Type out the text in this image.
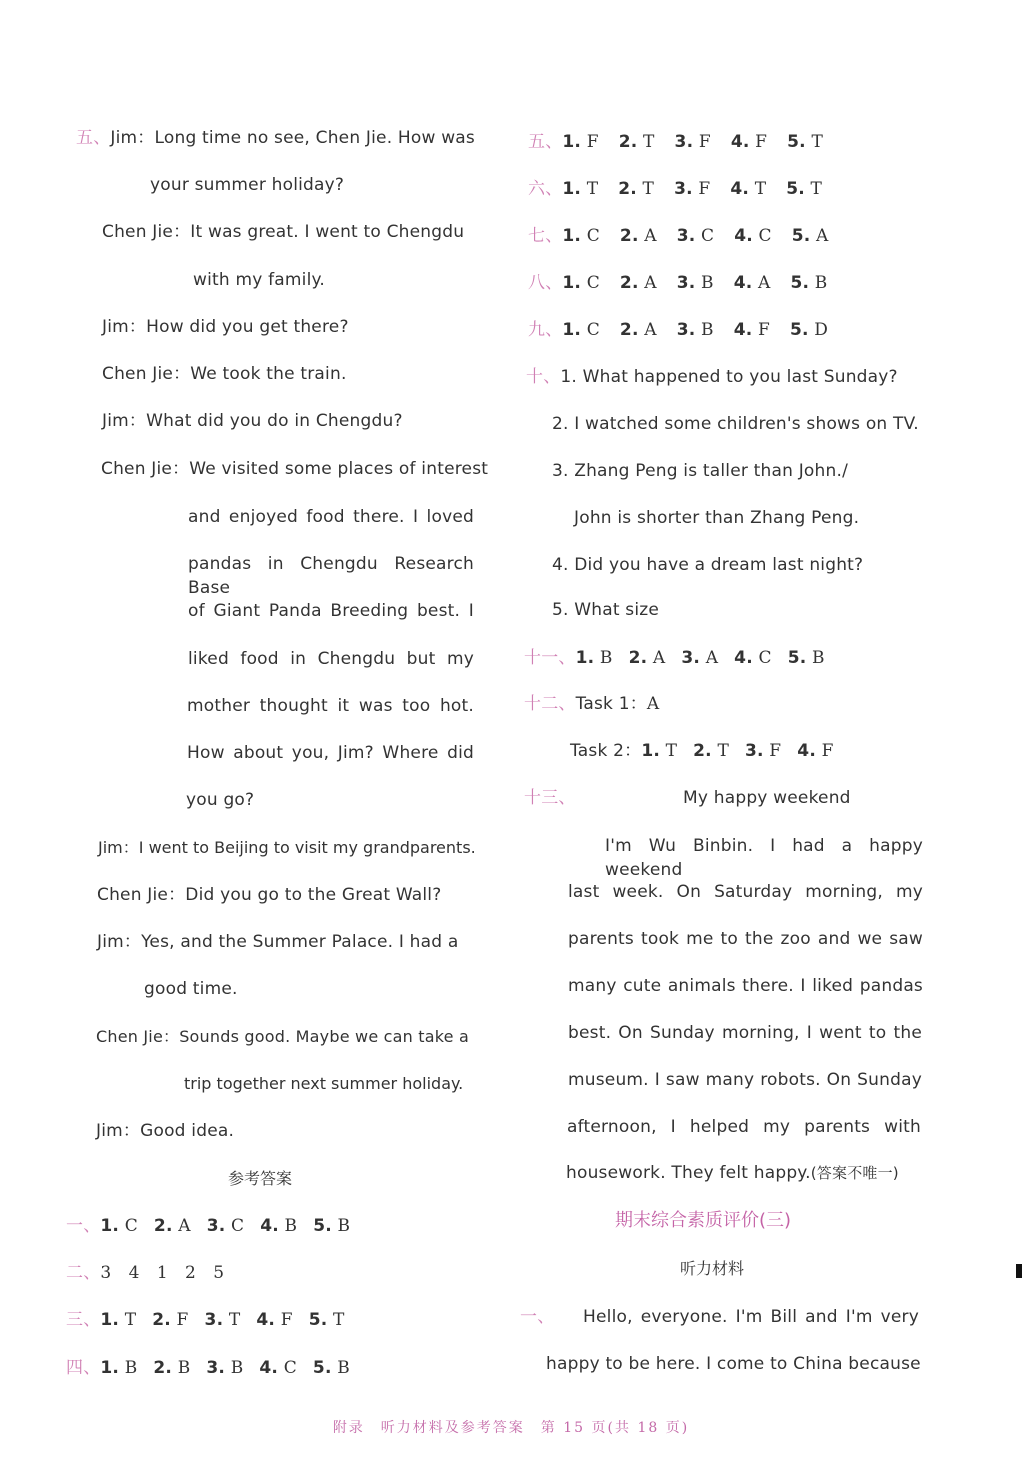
五、Jim：Long time no see, Chen Jie. How was
your summer holiday?
Chen Jie：It was great. I went to Chengdu
with my family.
Jim：How did you get there?
Chen Jie：We took the train.
Jim：What did you do in Chengdu?
Chen Jie：We visited some places of interest
and enjoyed food there. I loved
pandas in Chengdu Research Base
of Giant Panda Breeding best. I
liked food in Chengdu but my
mother thought it was too hot.
How about you, Jim? Where did
you go?
Jim：I went to Beijing to visit my grandparents.
Chen Jie：Did you go to the Great Wall?
Jim：Yes, and the Summer Palace. I had a
good time.
Chen Jie：Sounds good. Maybe we can take a
trip together next summer holiday.
Jim：Good idea.
参考答案
一、1. C 2. A 3. C 4. B 5. B
二、3　4　1　2　5
三、1. T 2. F 3. T 4. F 5. T
四、1. B 2. B 3. B 4. C 5. B
五、1. F 2. T 3. F 4. F 5. T
六、1. T 2. T 3. F 4. T 5. T
七、1. C 2. A 3. C 4. C 5. A
八、1. C 2. A 3. B 4. A 5. B
九、1. C 2. A 3. B 4. F 5. D
十、1. What happened to you last Sunday?
2. I watched some children's shows on TV.
3. Zhang Peng is taller than John./
John is shorter than Zhang Peng.
4. Did you have a dream last night?
5. What size
十一、1. B 2. A 3. A 4. C 5. B
十二、Task 1：A
Task 2：1. T 2. T 3. F 4. F
十三、	My happy weekend
I'm Wu Binbin. I had a happy weekend
last week. On Saturday morning, my
parents took me to the zoo and we saw
many cute animals there. I liked pandas
best. On Sunday morning, I went to the
museum. I saw many robots. On Sunday
afternoon, I helped my parents with
housework. They felt happy.(答案不唯一)
期末综合素质评价(三)
听力材料
一、 Hello, everyone. I'm Bill and I'm very
happy to be here. I come to China because
附录　听力材料及参考答案　第 15 页(共 18 页)
